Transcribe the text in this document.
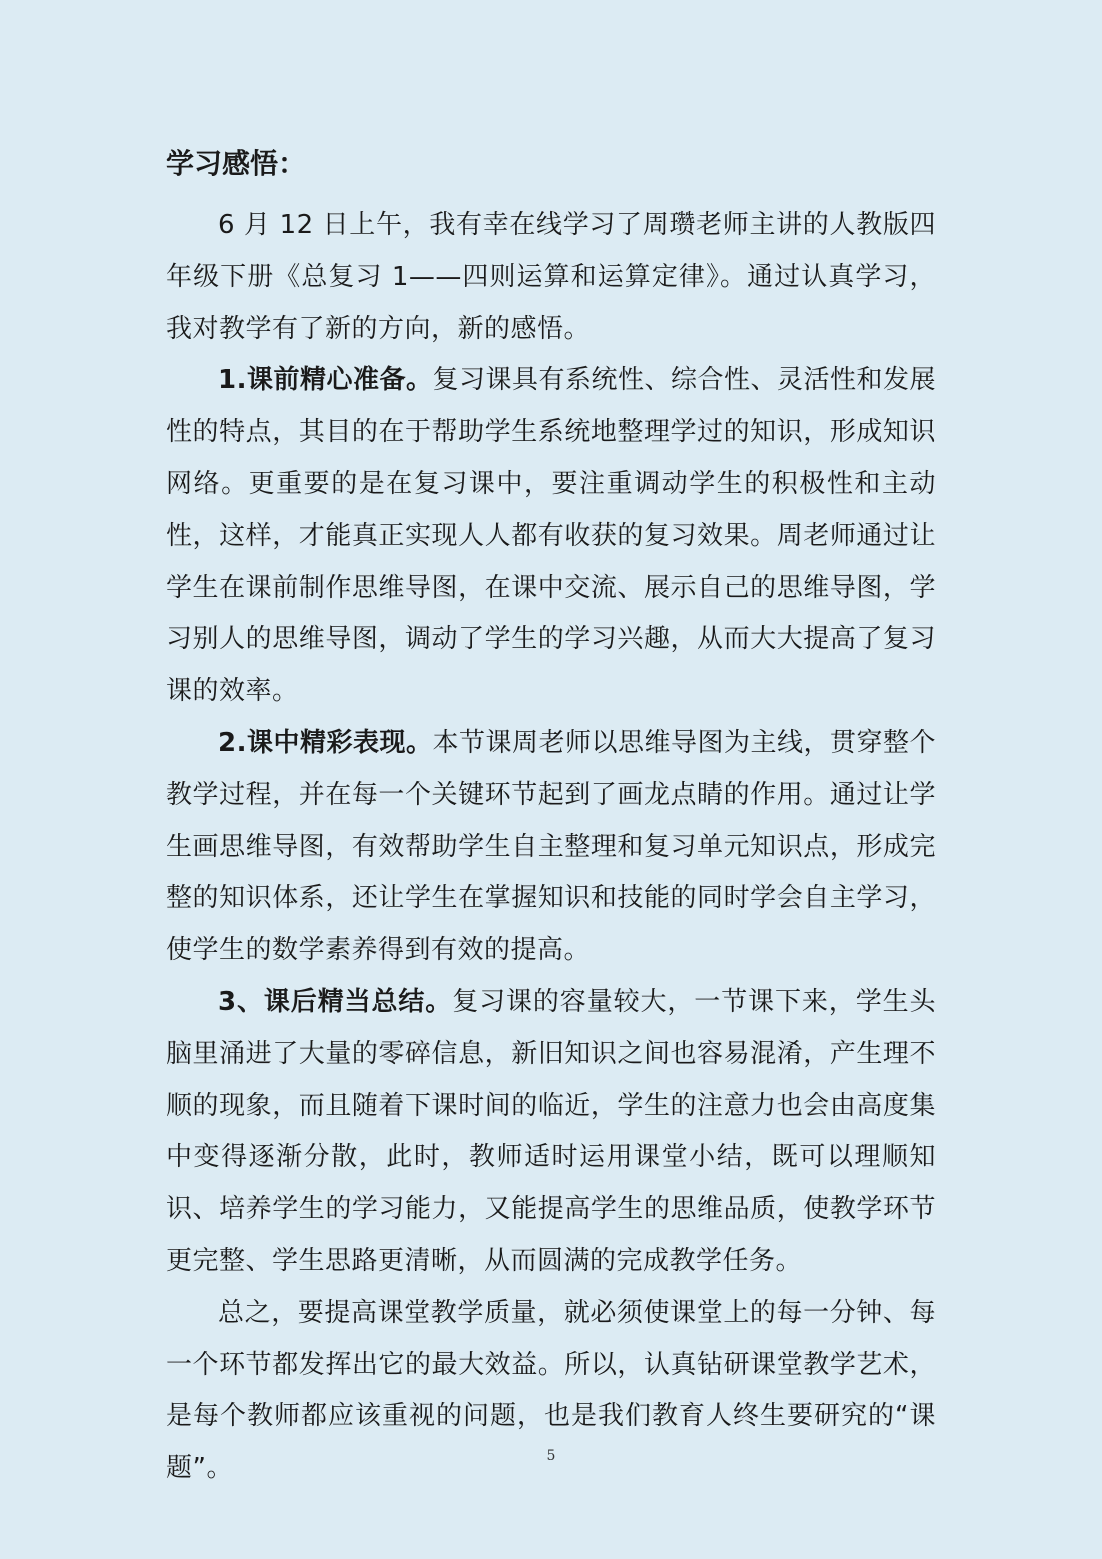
学习感悟：

6 月 12 日上午，我有幸在线学习了周瓒老师主讲的人教版四年级下册《总复习 1——四则运算和运算定律》。通过认真学习，我对教学有了新的方向，新的感悟。

1.课前精心准备。复习课具有系统性、综合性、灵活性和发展性的特点，其目的在于帮助学生系统地整理学过的知识，形成知识网络。更重要的是在复习课中，要注重调动学生的积极性和主动性，这样，才能真正实现人人都有收获的复习效果。周老师通过让学生在课前制作思维导图，在课中交流、展示自己的思维导图，学习别人的思维导图，调动了学生的学习兴趣，从而大大提高了复习课的效率。

2.课中精彩表现。本节课周老师以思维导图为主线，贯穿整个教学过程，并在每一个关键环节起到了画龙点睛的作用。通过让学生画思维导图，有效帮助学生自主整理和复习单元知识点，形成完整的知识体系，还让学生在掌握知识和技能的同时学会自主学习，使学生的数学素养得到有效的提高。

3、课后精当总结。复习课的容量较大，一节课下来，学生头脑里涌进了大量的零碎信息，新旧知识之间也容易混淆，产生理不顺的现象，而且随着下课时间的临近，学生的注意力也会由高度集中变得逐渐分散，此时，教师适时运用课堂小结，既可以理顺知识、培养学生的学习能力，又能提高学生的思维品质，使教学环节更完整、学生思路更清晰，从而圆满的完成教学任务。

总之，要提高课堂教学质量，就必须使课堂上的每一分钟、每一个环节都发挥出它的最大效益。所以，认真钻研课堂教学艺术，是每个教师都应该重视的问题，也是我们教育人终生要研究的“课题”。	5
